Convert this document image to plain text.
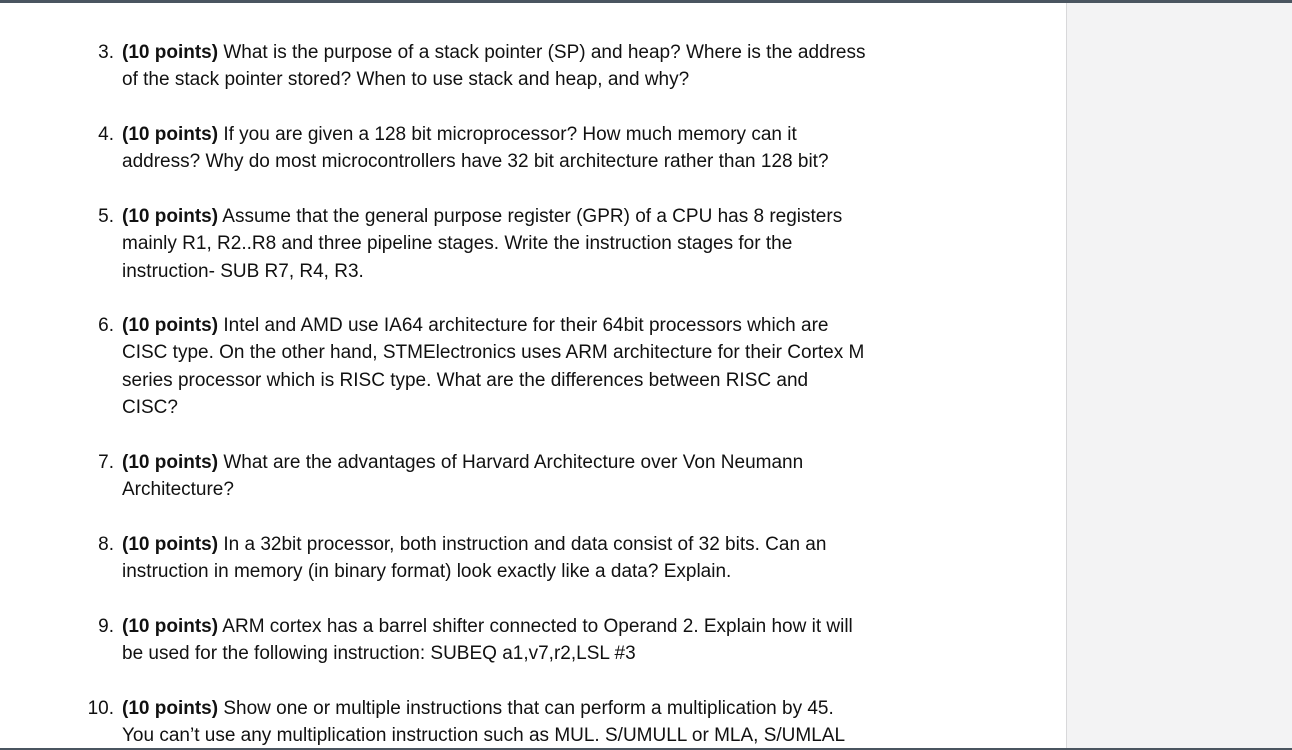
3. (10 points) What is the purpose of a stack pointer (SP) and heap? Where is the address
of the stack pointer stored? When to use stack and heap, and why?
4. (10 points) If you are given a 128 bit microprocessor? How much memory can it
address? Why do most microcontrollers have 32 bit architecture rather than 128 bit?
5. (10 points) Assume that the general purpose register (GPR) of a CPU has 8 registers
mainly R1, R2..R8 and three pipeline stages. Write the instruction stages for the
instruction- SUB R7, R4, R3.
6. (10 points) Intel and AMD use IA64 architecture for their 64bit processors which are
CISC type. On the other hand, STMElectronics uses ARM architecture for their Cortex M
series processor which is RISC type. What are the differences between RISC and
CISC?
7. (10 points) What are the advantages of Harvard Architecture over Von Neumann
Architecture?
8. (10 points) In a 32bit processor, both instruction and data consist of 32 bits. Can an
instruction in memory (in binary format) look exactly like a data? Explain.
9. (10 points) ARM cortex has a barrel shifter connected to Operand 2. Explain how it will
be used for the following instruction: SUBEQ a1,v7,r2,LSL #3
10. (10 points) Show one or multiple instructions that can perform a multiplication by 45.
You can’t use any multiplication instruction such as MUL. S/UMULL or MLA, S/UMLAL
